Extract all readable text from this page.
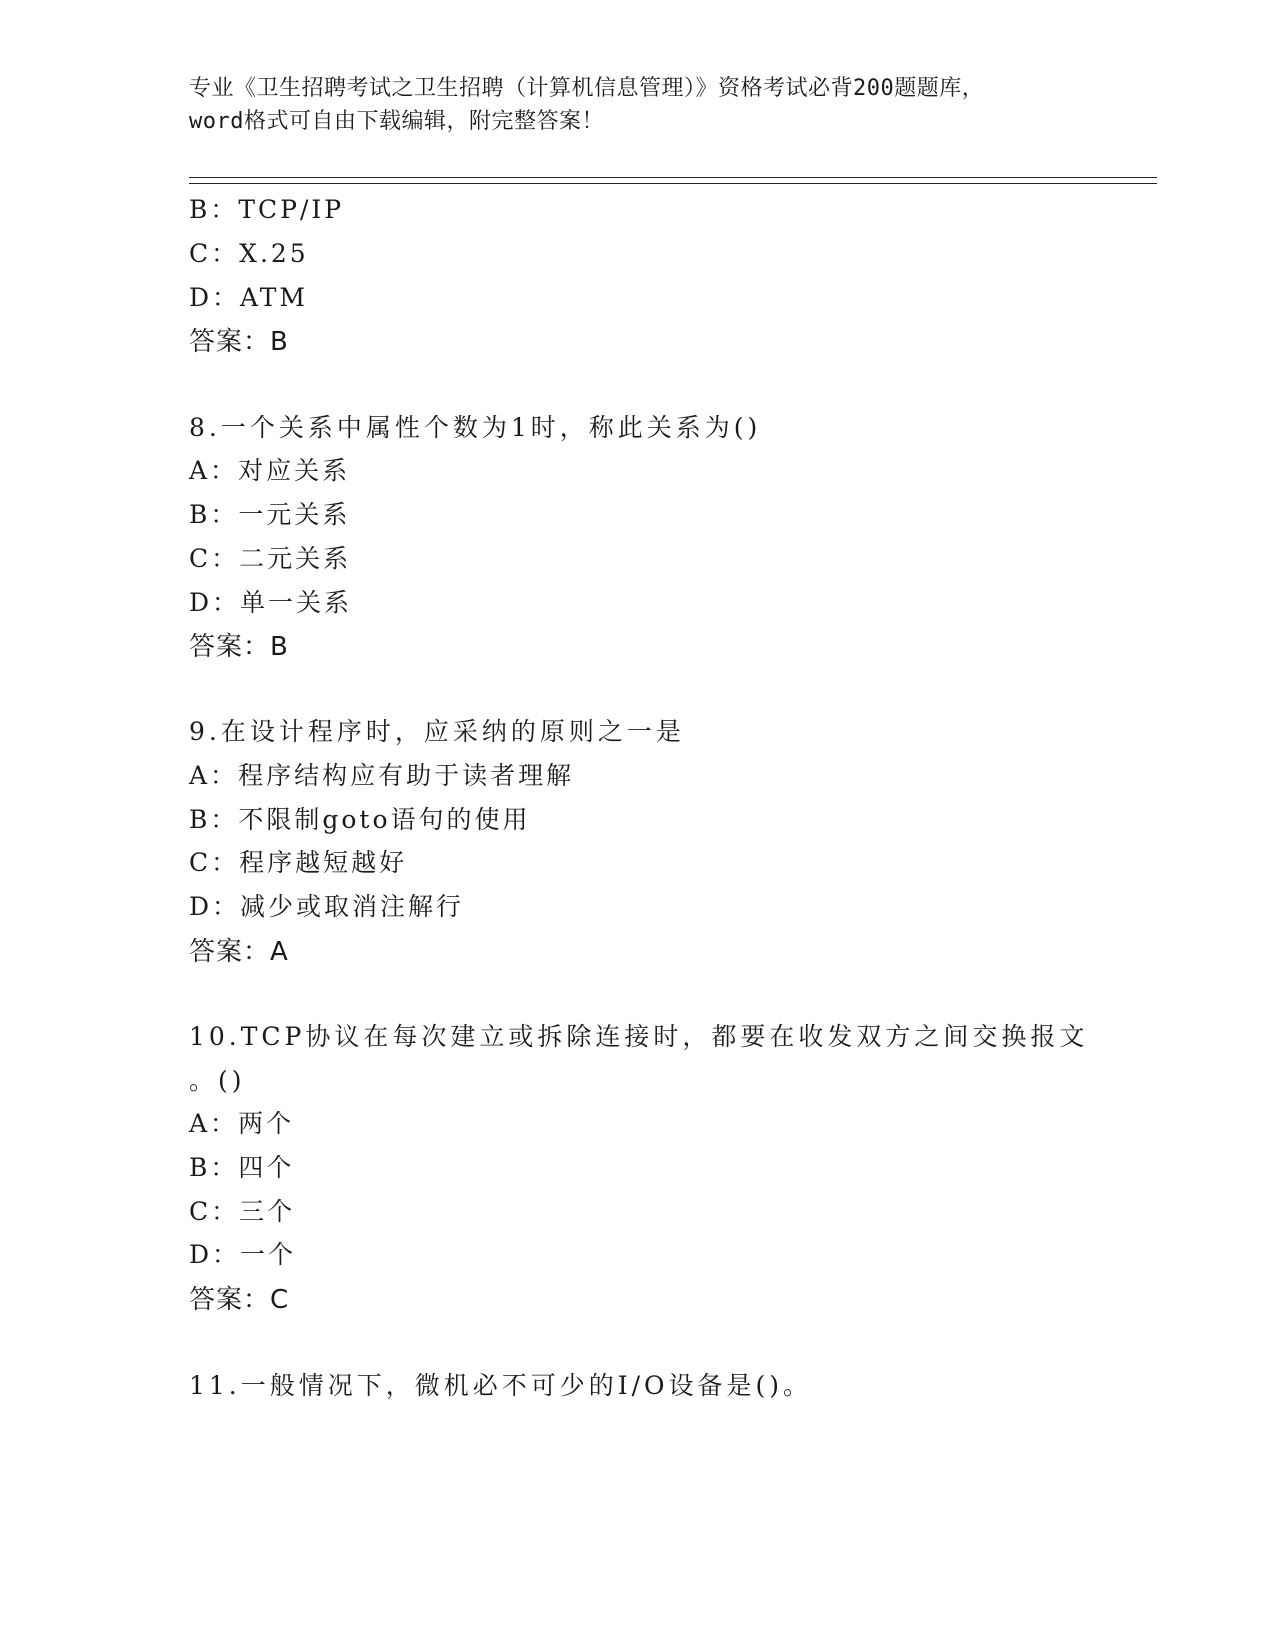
专业《卫生招聘考试之卫生招聘（计算机信息管理）》资格考试必背200题题库，
word格式可自由下载编辑，附完整答案！
B：TCP/IP
C：X.25
D：ATM
答案：B
8.一个关系中属性个数为1时，称此关系为()
A：对应关系
B：一元关系
C：二元关系
D：单一关系
答案：B
9.在设计程序时，应采纳的原则之一是
A：程序结构应有助于读者理解
B：不限制goto语句的使用
C：程序越短越好
D：减少或取消注解行
答案：A
10.TCP协议在每次建立或拆除连接时，都要在收发双方之间交换报文
。()
A：两个
B：四个
C：三个
D：一个
答案：C
11.一般情况下，微机必不可少的I/O设备是()。
